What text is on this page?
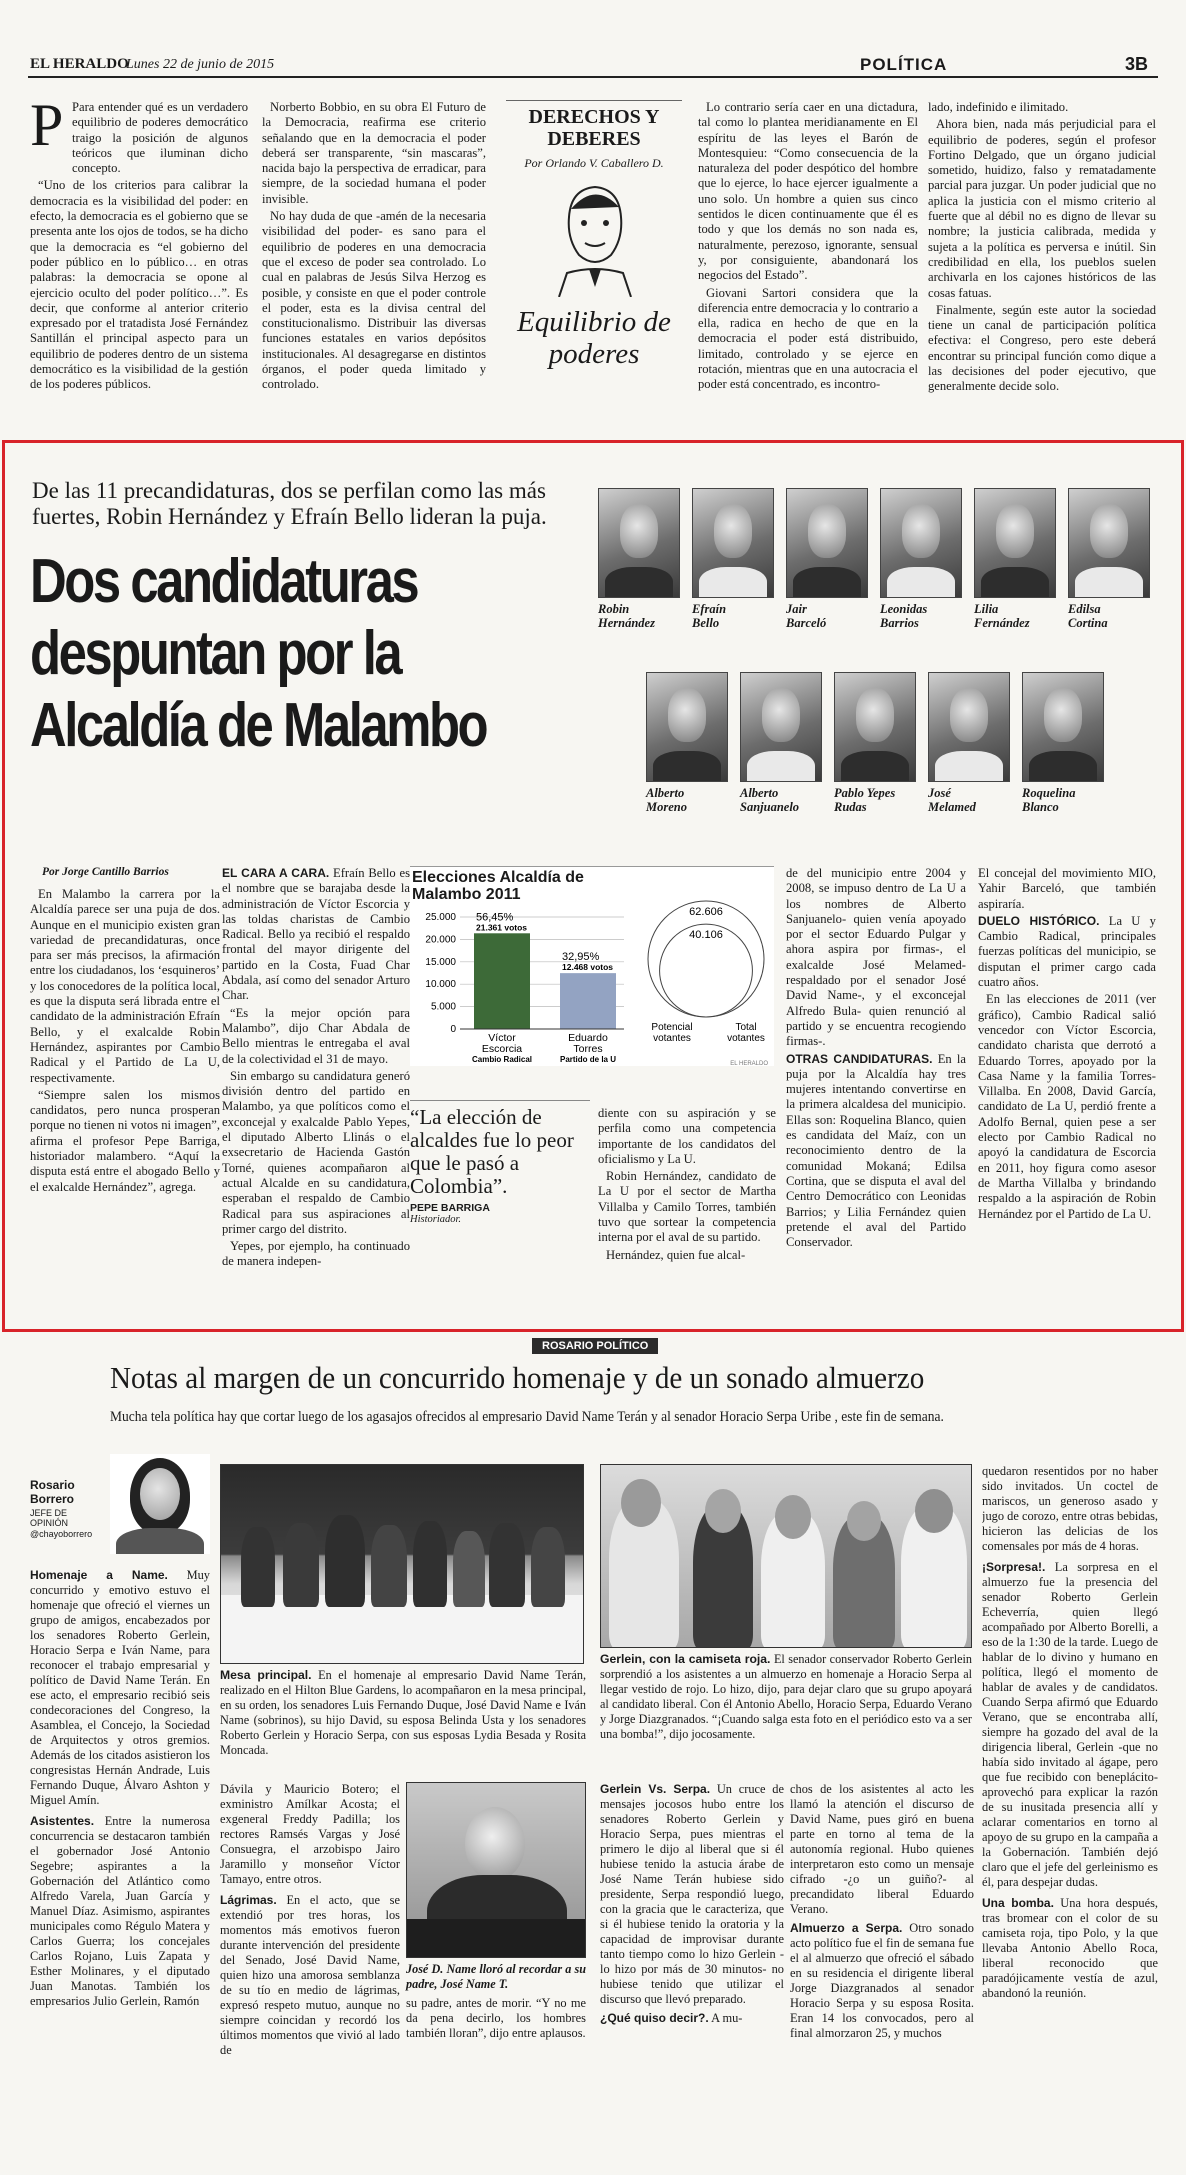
EL HERALDO
Lunes 22 de junio de 2015	POLÍTICA	3B
P Para entender qué es un verdadero equilibrio de poderes democrático traigo la posición de algunos teóricos que iluminan dicho concepto.

“Uno de los criterios para calibrar la democracia es la visibilidad del poder: en efecto, la democracia es el gobierno que se presenta ante los ojos de todos, se ha dicho que la democracia es “el gobierno del poder público en lo público… en otras palabras: la democracia se opone al ejercicio oculto del poder político…”. Es decir, que conforme al anterior criterio expresado por el tratadista José Fernández Santillán el principal aspecto para un equilibrio de poderes dentro de un sistema democrático es la visibilidad de la gestión de los poderes públicos.

Norberto Bobbio, en su obra El Futuro de la Democracia, reafirma ese criterio señalando que en la democracia el poder deberá ser transparente, “sin mascaras”, nacida bajo la perspectiva de erradicar, para siempre, de la sociedad humana el poder invisible.

No hay duda de que -amén de la necesaria visibilidad del poder- es sano para el equilibrio de poderes en una democracia que el exceso de poder sea controlado. Lo cual en palabras de Jesús Silva Herzog es posible, y consiste en que el poder controle el poder, esta es la divisa central del constitucionalismo. Distribuir las diversas funciones estatales en varios depósitos institucionales. Al desagregarse en distintos órganos, el poder queda limitado y controlado.

DERECHOS Y
DEBERES
Por Orlando V. Caballero D.
Equilibrio de
poderes

Lo contrario sería caer en una dictadura, tal como lo plantea meridianamente en El espíritu de las leyes el Barón de Montesquieu: “Como consecuencia de la naturaleza del poder despótico del hombre que lo ejerce, lo hace ejercer igualmente a uno solo. Un hombre a quien sus cinco sentidos le dicen continuamente que él es todo y que los demás no son nada es, naturalmente, perezoso, ignorante, sensual y, por consiguiente, abandonará los negocios del Estado”.

Giovani Sartori considera que la diferencia entre democracia y lo contrario a ella, radica en hecho de que en la democracia el poder está distribuido, limitado, controlado y se ejerce en rotación, mientras que en una autocracia el poder está concentrado, es incontro-

lado, indefinido e ilimitado.

Ahora bien, nada más perjudicial para el equilibrio de poderes, según el profesor Fortino Delgado, que un órgano judicial sometido, huidizo, falso y rematadamente parcial para juzgar. Un poder judicial que no aplica la justicia con el mismo criterio al fuerte que al débil no es digno de llevar su nombre; la justicia calibrada, medida y sujeta a la política es perversa e inútil. Sin credibilidad en ella, los pueblos suelen archivarla en los cajones históricos de las cosas fatuas.

Finalmente, según este autor la sociedad tiene un canal de participación política efectiva: el Congreso, pero este deberá encontrar su principal función como dique a las decisiones del poder ejecutivo, que generalmente decide solo.

De las 11 precandidaturas, dos se perfilan como las más fuertes, Robin Hernández y Efraín Bello lideran la puja.
Dos candidaturas
despuntan por la
Alcaldía de Malambo
Por Jorge Cantillo Barrios

En Malambo la carrera por la Alcaldía parece ser una puja de dos. Aunque en el municipio existen gran variedad de precandidaturas, once para ser más precisos, la afirmación entre los ciudadanos, los ‘esquineros’ y los conocedores de la política local, es que la disputa será librada entre el candidato de la administración Efraín Bello, y el exalcalde Robin Hernández, aspirantes por Cambio Radical y el Partido de La U, respectivamente.

“Siempre salen los mismos candidatos, pero nunca prosperan porque no tienen ni votos ni imagen”, afirma el profesor Pepe Barriga, historiador malambero. “Aquí la disputa está entre el abogado Bello y el exalcalde Hernández”, agrega.

EL CARA A CARA. Efraín Bello es el nombre que se barajaba desde la administración de Víctor Escorcia y las toldas charistas de Cambio Radical. Bello ya recibió el respaldo frontal del mayor dirigente del partido en la Costa, Fuad Char Abdala, así como del senador Arturo Char.

“Es la mejor opción para Malambo”, dijo Char Abdala de Bello mientras le entregaba el aval de la colectividad el 31 de mayo.

Sin embargo su candidatura generó división dentro del partido en Malambo, ya que políticos como el exconcejal y exalcalde Pablo Yepes, el diputado Alberto Llinás o el exsecretario de Hacienda Gastón Torné, quienes acompañaron al actual Alcalde en su candidatura, esperaban el respaldo de Cambio Radical para sus aspiraciones al primer cargo del distrito.

Yepes, por ejemplo, ha continuado de manera indepen-

Elecciones Alcaldía de Malambo 2011
25.000
20.000
15.000
10.000
5.000
0
56,45%
21.361 votos
Víctor
Escorcia
Cambio Radical
32,95%
12.468 votos
Eduardo
Torres
Partido de la U
62.606
40.106
Potencial
votantes
Total
votantes
EL HERALDO
“La elección de alcaldes fue lo peor que le pasó a Colombia”.
PEPE BARRIGA
Historiador.

diente con su aspiración y se perfila como una competencia importante de los candidatos del oficialismo y La U.

Robin Hernández, candidato de La U por el sector de Martha Villalba y Camilo Torres, también tuvo que sortear la competencia interna por el aval de su partido.

Hernández, quien fue alcal-

de del municipio entre 2004 y 2008, se impuso dentro de La U a los nombres de Alberto Sanjuanelo- quien venía apoyado por el sector Eduardo Pulgar y ahora aspira por firmas-, el exalcalde José Melamed-respaldado por el senador José David Name-, y el exconcejal Alfredo Bula- quien renunció al partido y se encuentra recogiendo firmas-.

OTRAS CANDIDATURAS. En la puja por la Alcaldía hay tres mujeres intentando convertirse en la primera alcaldesa del municipio. Ellas son: Roquelina Blanco, quien es candidata del Maíz, con un reconocimiento dentro de la comunidad Mokaná; Edilsa Cortina, que se disputa el aval del Centro Democrático con Leonidas Barrios; y Lilia Fernández quien pretende el aval del Partido Conservador.

El concejal del movimiento MIO, Yahir Barceló, que también aspiraría.

DUELO HISTÓRICO. La U y Cambio Radical, principales fuerzas políticas del municipio, se disputan el primer cargo cada cuatro años.

En las elecciones de 2011 (ver gráfico), Cambio Radical salió vencedor con Víctor Escorcia, candidato charista que derrotó a Eduardo Torres, apoyado por la Casa Name y la familia Torres-Villalba. En 2008, David García, candidato de La U, perdió frente a Adolfo Bernal, quien pese a ser electo por Cambio Radical no apoyó la candidatura de Escorcia en 2011, hoy figura como asesor de Martha Villalba y brindando respaldo a la aspiración de Robin Hernández por el Partido de La U.

ROSARIO POLÍTICO
Notas al margen de un concurrido homenaje y de un sonado almuerzo
Mucha tela política hay que cortar luego de los agasajos ofrecidos al empresario David Name Terán y al senador Horacio Serpa Uribe , este fin de semana.
Rosario
Borrero
JEFE DE
OPINIÓN
@chayoborrero

Homenaje a Name. Muy concurrido y emotivo estuvo el homenaje que ofreció el viernes un grupo de amigos, encabezados por los senadores Roberto Gerlein, Horacio Serpa e Iván Name, para reconocer el trabajo empresarial y político de David Name Terán. En ese acto, el empresario recibió seis condecoraciones del Congreso, la Asamblea, el Concejo, la Sociedad de Arquitectos y otros gremios. Además de los citados asistieron los congresistas Hernán Andrade, Luis Fernando Duque, Álvaro Ashton y Miguel Amín.

Asistentes. Entre la numerosa concurrencia se destacaron también el gobernador José Antonio Segebre; aspirantes a la Gobernación del Atlántico como Alfredo Varela, Juan García y Manuel Díaz. Asimismo, aspirantes municipales como Régulo Matera y Carlos Guerra; los concejales Carlos Rojano, Luis Zapata y Esther Molinares, y el diputado Juan Manotas. También los empresarios Julio Gerlein, Ramón

Mesa principal. En el homenaje al empresario David Name Terán, realizado en el Hilton Blue Gardens, lo acompañaron en la mesa principal, en su orden, los senadores Luis Fernando Duque, José David Name e Iván Name (sobrinos), su hijo David, su esposa Belinda Usta y los senadores Roberto Gerlein y Horacio Serpa, con sus esposas Lydia Besada y Rosita Moncada.

Dávila y Mauricio Botero; el exministro Amílkar Acosta; el exgeneral Freddy Padilla; los rectores Ramsés Vargas y José Consuegra, el arzobispo Jairo Jaramillo y monseñor Víctor Tamayo, entre otros.

Lágrimas. En el acto, que se extendió por tres horas, los momentos más emotivos fueron durante intervención del presidente del Senado, José David Name, quien hizo una amorosa semblanza de su tío en medio de lágrimas, expresó respeto mutuo, aunque no siempre coincidan y recordó los últimos momentos que vivió al lado de

José D. Name lloró al recordar a su padre, José Name T.

su padre, antes de morir. “Y no me da pena decirlo, los hombres también lloran”, dijo entre aplausos.

Gerlein, con la camiseta roja. El senador conservador Roberto Gerlein sorprendió a los asistentes a un almuerzo en homenaje a Horacio Serpa al llegar vestido de rojo. Lo hizo, dijo, para dejar claro que su grupo apoyará al candidato liberal. Con él Antonio Abello, Horacio Serpa, Eduardo Verano y Jorge Diazgranados. “¡Cuando salga esta foto en el periódico esto va a ser una bomba!”, dijo jocosamente.

Gerlein Vs. Serpa. Un cruce de mensajes jocosos hubo entre los senadores Roberto Gerlein y Horacio Serpa, pues mientras el primero le dijo al liberal que si él hubiese tenido la astucia árabe de José Name Terán hubiese sido presidente, Serpa respondió luego, con la gracia que le caracteriza, que si él hubiese tenido la oratoria y la capacidad de improvisar durante tanto tiempo como lo hizo Gerlein -lo hizo por más de 30 minutos- no hubiese tenido que utilizar el discurso que llevó preparado.

¿Qué quiso decir?. A mu-

chos de los asistentes al acto les llamó la atención el discurso de David Name, pues giró en buena parte en torno al tema de la autonomía regional. Hubo quienes interpretaron esto como un mensaje cifrado -¿o un guiño?- al precandidato liberal Eduardo Verano.

Almuerzo a Serpa. Otro sonado acto político fue el fin de semana fue el al almuerzo que ofreció el sábado en su residencia el dirigente liberal Jorge Diazgranados al senador Horacio Serpa y su esposa Rosita. Eran 14 los convocados, pero al final almorzaron 25, y muchos

quedaron resentidos por no haber sido invitados. Un coctel de mariscos, un generoso asado y jugo de corozo, entre otras bebidas, hicieron las delicias de los comensales por más de 4 horas.

¡Sorpresa!. La sorpresa en el almuerzo fue la presencia del senador Roberto Gerlein Echeverría, quien llegó acompañado por Alberto Borelli, a eso de la 1:30 de la tarde. Luego de hablar de lo divino y humano en política, llegó el momento de hablar de avales y de candidatos. Cuando Serpa afirmó que Eduardo Verano, que se encontraba allí, siempre ha gozado del aval de la dirigencia liberal, Gerlein -que no había sido invitado al ágape, pero que fue recibido con beneplácito- aprovechó para explicar la razón de su inusitada presencia allí y aclarar comentarios en torno al apoyo de su grupo en la campaña a la Gobernación. También dejó claro que el jefe del gerleinismo es él, para despejar dudas.

Una bomba. Una hora después, tras bromear con el color de su camiseta roja, tipo Polo, y la que llevaba Antonio Abello Roca, liberal reconocido que paradójicamente vestía de azul, abandonó la reunión.

Robin
Hernández
Efraín
Bello
Jair
Barceló
Leonidas
Barrios
Lilia
Fernández
Edilsa
Cortina
Alberto
Moreno
Alberto
Sanjuanelo
Pablo Yepes
Rudas
José
Melamed
Roquelina
Blanco
